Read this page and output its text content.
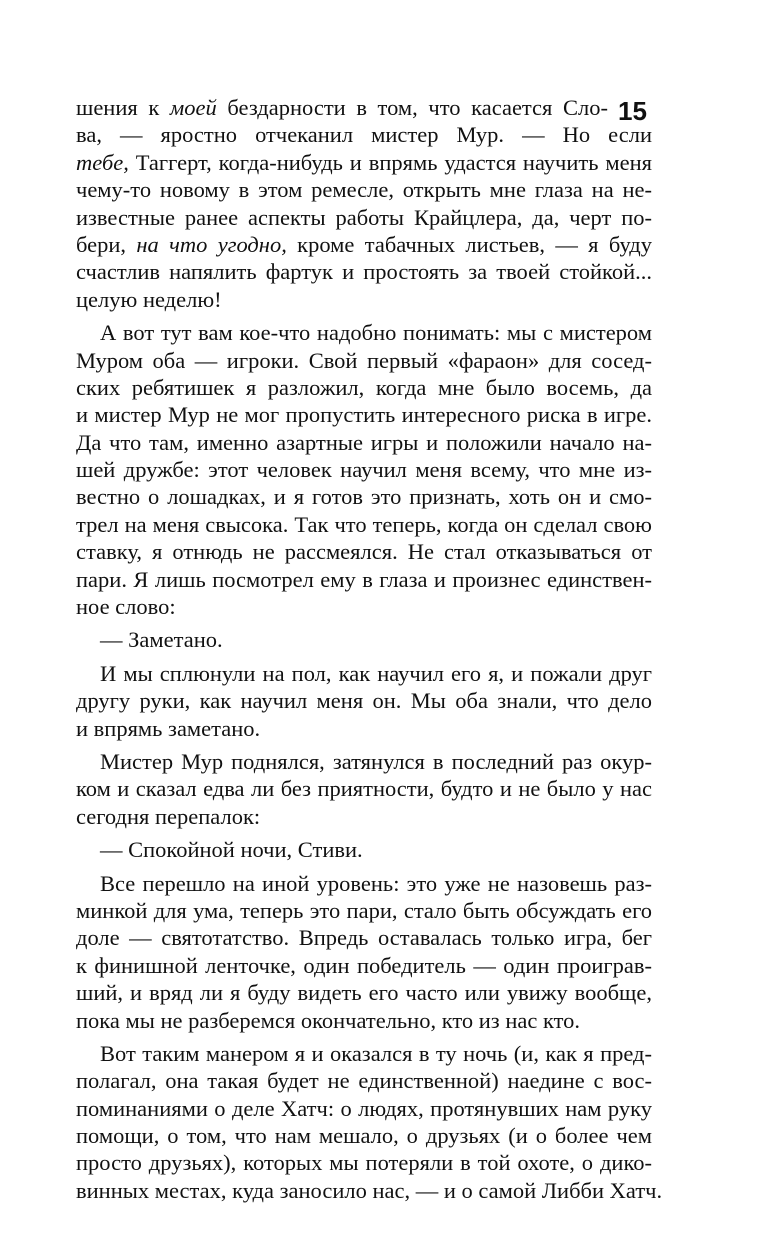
15
шения к моей бездарности в том, что касается Сло-
ва, — яростно отчеканил мистер Мур. — Но если
тебе, Таггерт, когда-нибудь и впрямь удастся научить меня
чему-то новому в этом ремесле, открыть мне глаза на не-
известные ранее аспекты работы Крайцлера, да, черт по-
бери, на что угодно, кроме табачных листьев, — я буду
счастлив напялить фартук и простоять за твоей стойкой...
целую неделю!
А вот тут вам кое-что надобно понимать: мы с мистером
Муром оба — игроки. Свой первый «фараон» для сосед-
ских ребятишек я разложил, когда мне было восемь, да
и мистер Мур не мог пропустить интересного риска в игре.
Да что там, именно азартные игры и положили начало на-
шей дружбе: этот человек научил меня всему, что мне из-
вестно о лошадках, и я готов это признать, хоть он и смо-
трел на меня свысока. Так что теперь, когда он сделал свою
ставку, я отнюдь не рассмеялся. Не стал отказываться от
пари. Я лишь посмотрел ему в глаза и произнес единствен-
ное слово:
— Заметано.
И мы сплюнули на пол, как научил его я, и пожали друг
другу руки, как научил меня он. Мы оба знали, что дело
и впрямь заметано.
Мистер Мур поднялся, затянулся в последний раз окур-
ком и сказал едва ли без приятности, будто и не было у нас
сегодня перепалок:
— Спокойной ночи, Стиви.
Все перешло на иной уровень: это уже не назовешь раз-
минкой для ума, теперь это пари, стало быть обсуждать его
доле — святотатство. Впредь оставалась только игра, бег
к финишной ленточке, один победитель — один проиграв-
ший, и вряд ли я буду видеть его часто или увижу вообще,
пока мы не разберемся окончательно, кто из нас кто.
Вот таким манером я и оказался в ту ночь (и, как я пред-
полагал, она такая будет не единственной) наедине с вос-
поминаниями о деле Хатч: о людях, протянувших нам руку
помощи, о том, что нам мешало, о друзьях (и о более чем
просто друзьях), которых мы потеряли в той охоте, о дико-
винных местах, куда заносило нас, — и о самой Либби Хатч.
